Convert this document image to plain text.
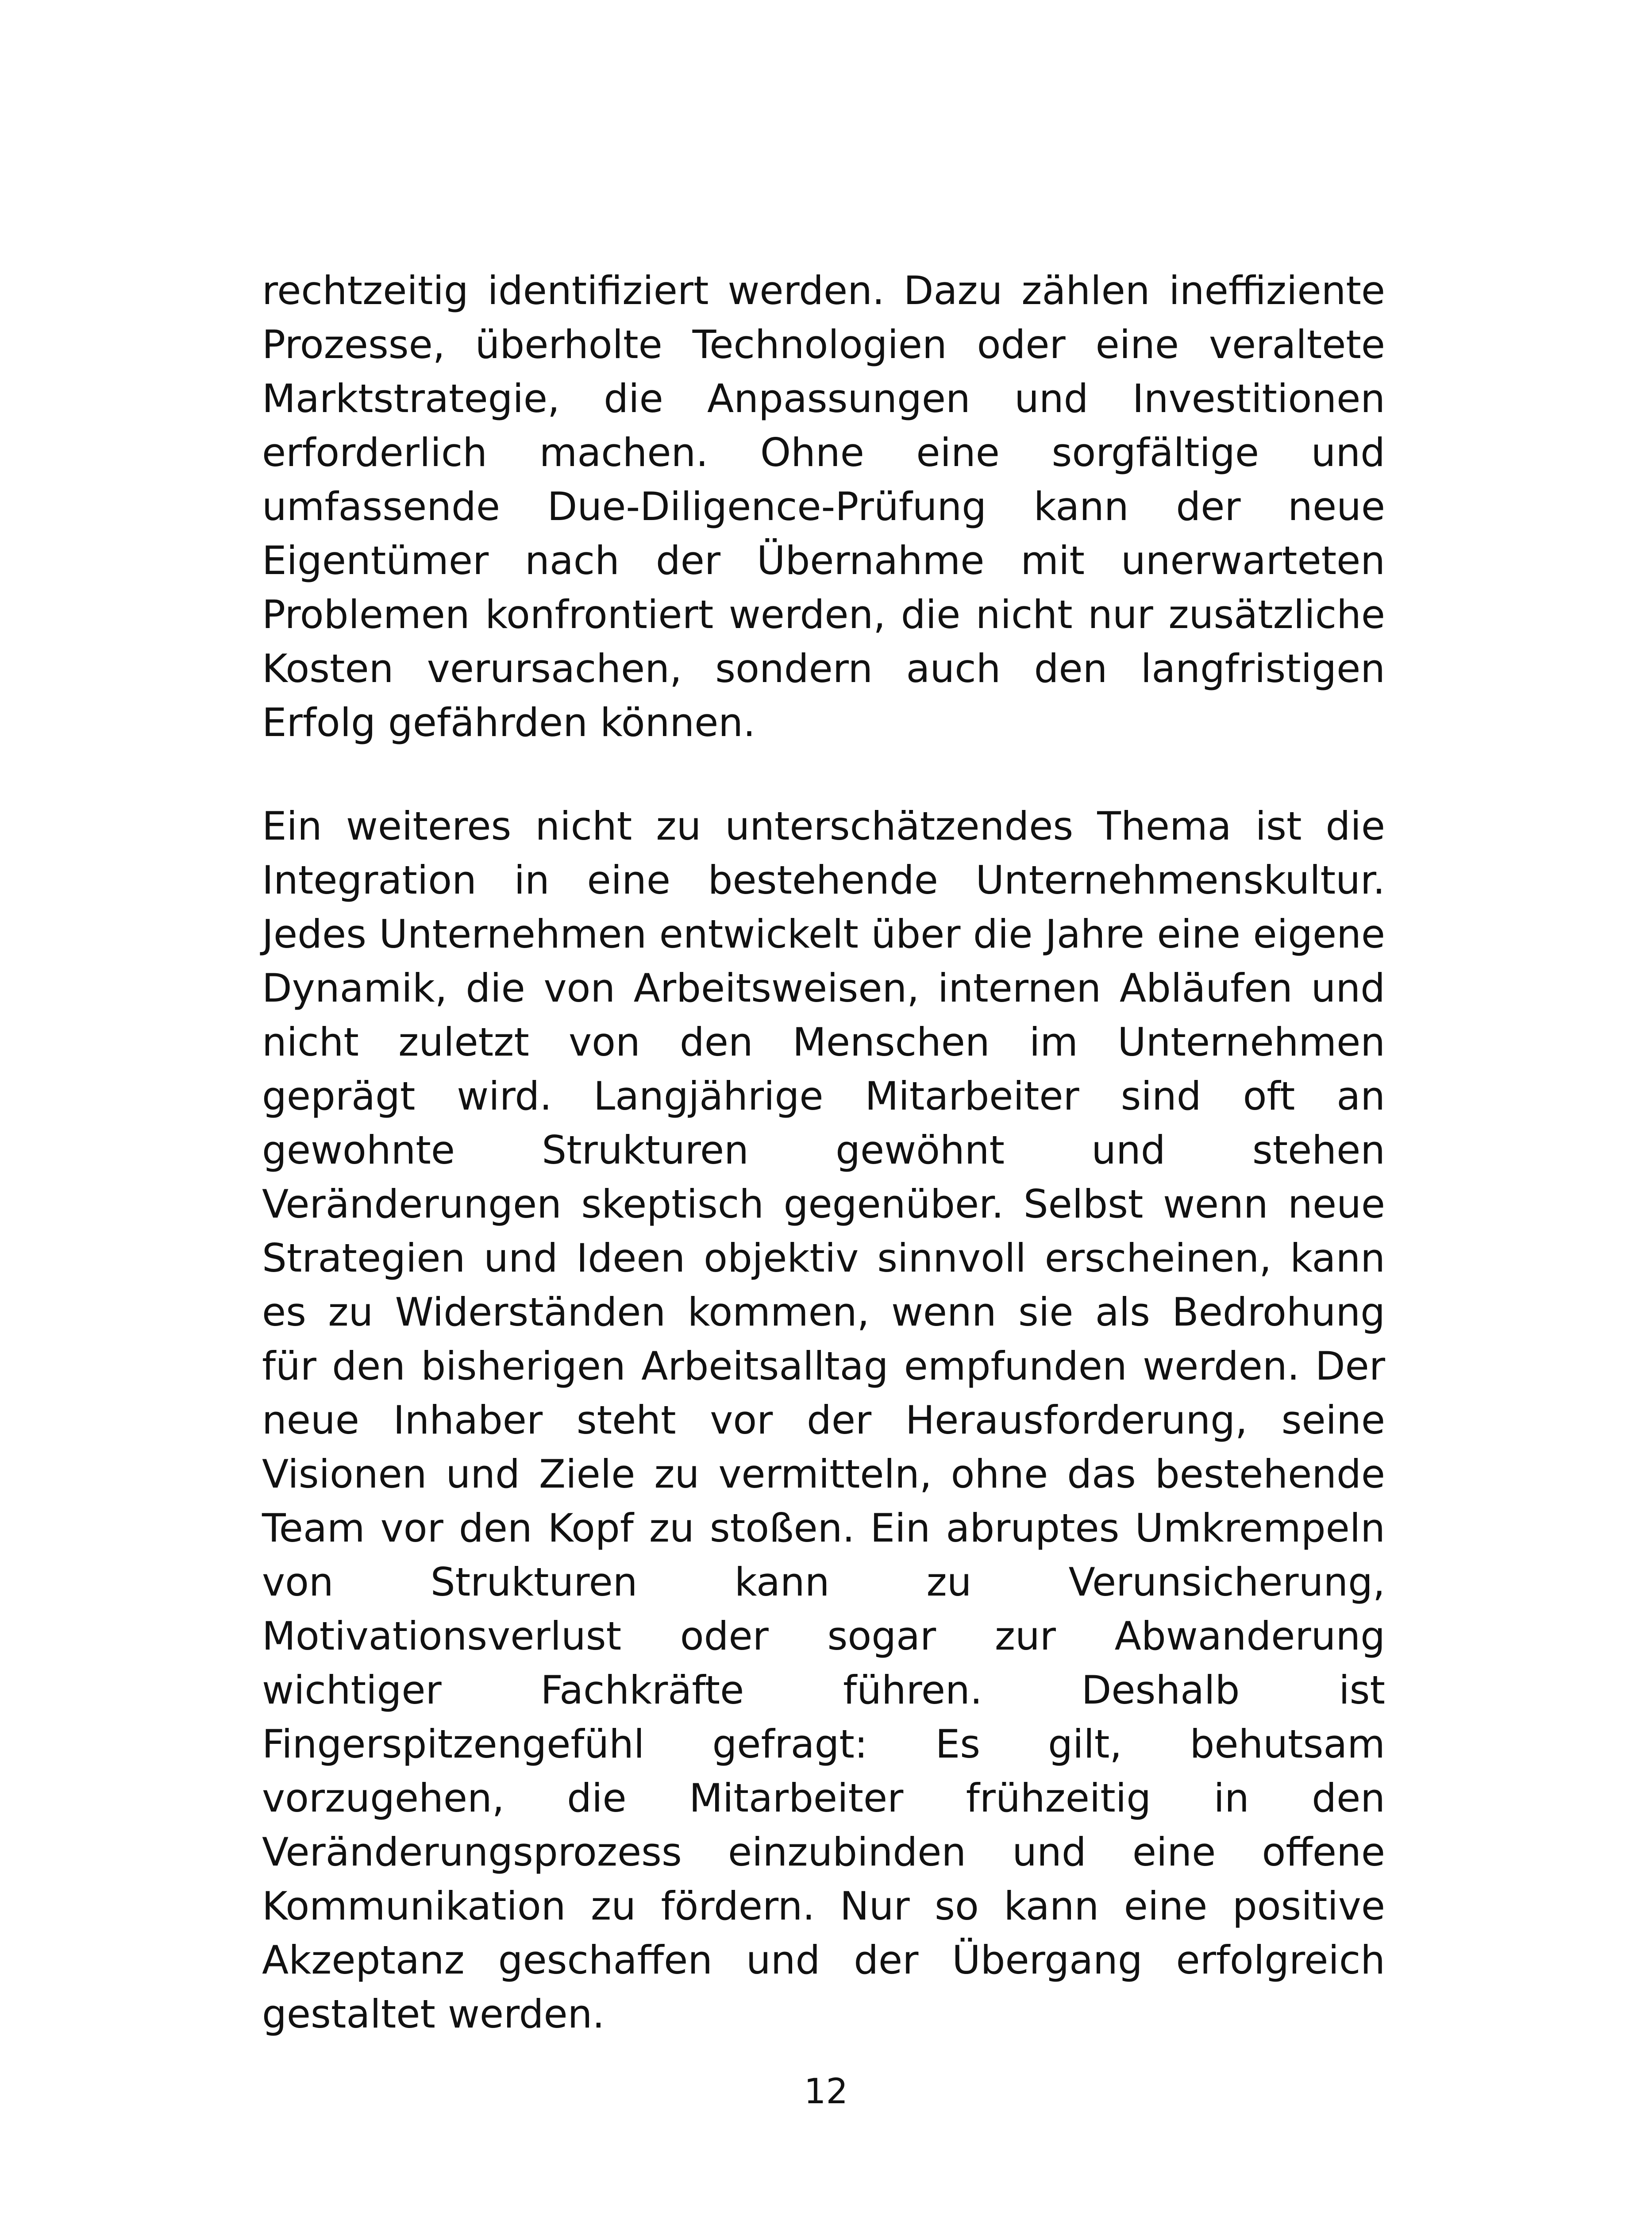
rechtzeitig identifiziert werden. Dazu zählen ineffiziente Prozesse, überholte Technologien oder eine veraltete Marktstrategie, die Anpassungen und Investitionen erforderlich machen. Ohne eine sorgfältige und umfassende Due-Diligence-Prüfung kann der neue Eigentümer nach der Übernahme mit unerwarteten Problemen konfrontiert werden, die nicht nur zusätzliche Kosten verursachen, sondern auch den langfristigen Erfolg gefährden können.

Ein weiteres nicht zu unterschätzendes Thema ist die Integration in eine bestehende Unternehmenskultur. Jedes Unternehmen entwickelt über die Jahre eine eigene Dynamik, die von Arbeitsweisen, internen Abläufen und nicht zuletzt von den Menschen im Unternehmen geprägt wird. Langjährige Mitarbeiter sind oft an gewohnte Strukturen gewöhnt und stehen Veränderungen skeptisch gegenüber. Selbst wenn neue Strategien und Ideen objektiv sinnvoll erscheinen, kann es zu Widerständen kommen, wenn sie als Bedrohung für den bisherigen Arbeitsalltag empfunden werden. Der neue Inhaber steht vor der Herausforderung, seine Visionen und Ziele zu vermitteln, ohne das bestehende Team vor den Kopf zu stoßen. Ein abruptes Umkrempeln von Strukturen kann zu Verunsicherung, Motivationsverlust oder sogar zur Abwanderung wichtiger Fachkräfte führen. Deshalb ist Fingerspitzengefühl gefragt: Es gilt, behutsam vorzugehen, die Mitarbeiter frühzeitig in den Veränderungsprozess einzubinden und eine offene Kommunikation zu fördern. Nur so kann eine positive Akzeptanz geschaffen und der Übergang erfolgreich gestaltet werden.

12
